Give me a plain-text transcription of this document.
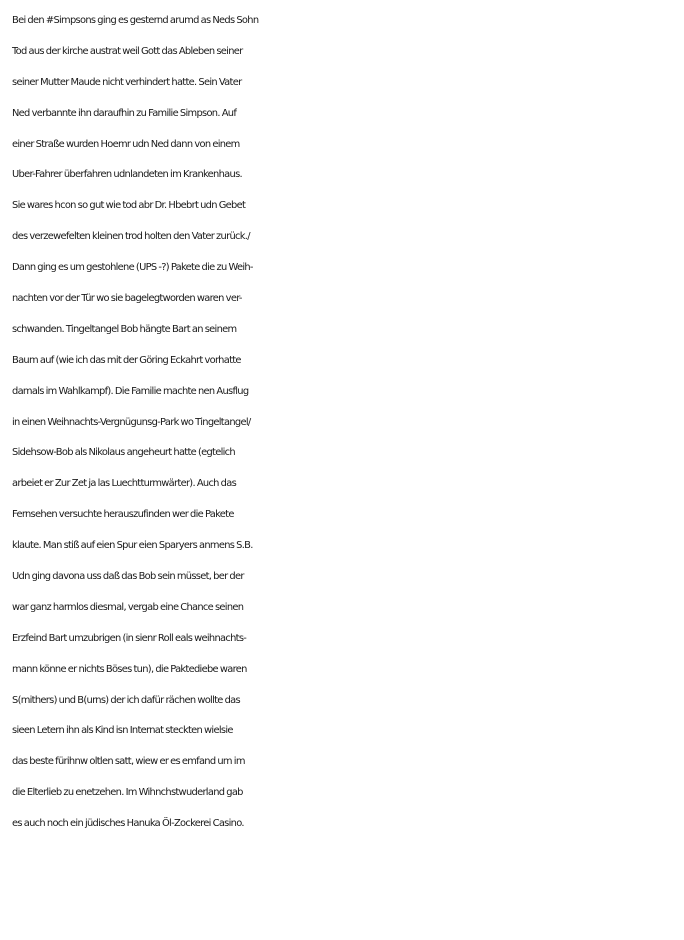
Bei den #Simpsons ging es gesternd arumd as Neds Sohn
Tod aus der kirche austrat weil Gott das Ableben seiner
seiner Mutter Maude nicht verhindert hatte. Sein Vater
Ned verbannte ihn daraufhin zu Familie Simpson. Auf
einer Straße wurden Hoemr udn Ned dann von einem
Uber-Fahrer überfahren udnlandeten im Krankenhaus.
Sie wares hcon so gut wie tod abr Dr. Hbebrt udn Gebet
des verzewefelten kleinen trod holten den Vater zurück./
Dann ging es um gestohlene (UPS -?) Pakete die zu Weih-
nachten vor der Tür wo sie bagelegtworden waren ver-
schwanden. Tingeltangel Bob hängte Bart an seinem
Baum auf (wie ich das mit der Göring Eckahrt vorhatte
damals im Wahlkampf). Die Familie machte nen Ausflug
in einen Weihnachts-Vergnügunsg-Park wo Tingeltangel/
Sidehsow-Bob als Nikolaus angeheurt hatte (egtelich
arbeiet er Zur Zet ja las Luechtturmwärter). Auch das
Fernsehen versuchte herauszufinden wer die Pakete
klaute. Man stiß auf eien Spur eien Sparyers anmens S.B.
Udn ging davona uss daß das Bob sein müsset, ber der
war ganz harmlos diesmal, vergab eine Chance seinen
Erzfeind Bart umzubrigen (in sienr Roll eals weihnachts-
mann könne er nichts Böses tun), die Paktediebe waren
S(mithers) und B(urns) der ich dafür rächen wollte das
sieen Letern ihn als Kind isn Internat steckten wielsie
das beste fürihnw oltlen satt, wiew er es emfand um im
die Elterlieb zu enetzehen. Im Wihnchstwuderland gab
es auch noch ein jüdisches Hanuka Öl-Zockerei Casino.
